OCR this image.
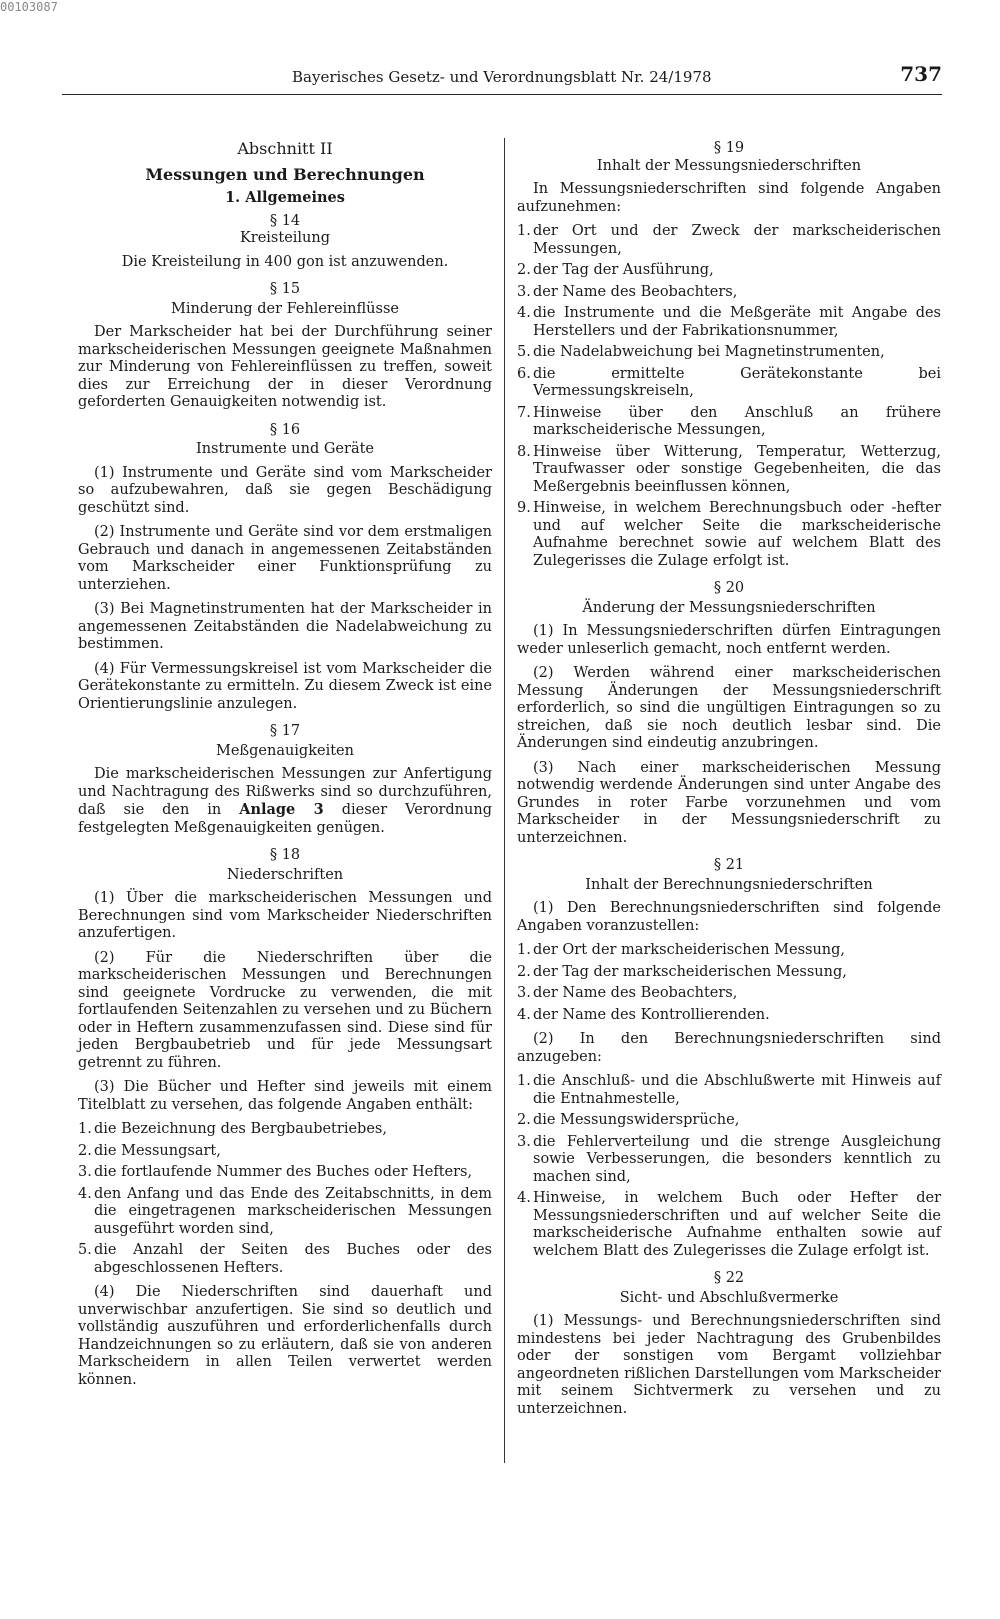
00103087
Bayerisches Gesetz- und Verordnungsblatt Nr. 24/1978	737
Abschnitt II
Messungen und Berechnungen
1. Allgemeines
§ 14
Kreisteilung

Die Kreisteilung in 400 gon ist anzuwenden.

§ 15
Minderung der Fehlereinflüsse

Der Markscheider hat bei der Durchführung seiner markscheiderischen Messungen geeignete Maßnahmen zur Minderung von Fehlereinflüssen zu treffen, soweit dies zur Erreichung der in dieser Verordnung geforderten Genauigkeiten notwendig ist.

§ 16
Instrumente und Geräte

(1) Instrumente und Geräte sind vom Markscheider so aufzubewahren, daß sie gegen Beschädigung geschützt sind.

(2) Instrumente und Geräte sind vor dem erstmaligen Gebrauch und danach in angemessenen Zeitabständen vom Markscheider einer Funktionsprüfung zu unterziehen.

(3) Bei Magnetinstrumenten hat der Markscheider in angemessenen Zeitabständen die Nadelabweichung zu bestimmen.

(4) Für Vermessungskreisel ist vom Markscheider die Gerätekonstante zu ermitteln. Zu diesem Zweck ist eine Orientierungslinie anzulegen.

§ 17
Meßgenauigkeiten

Die markscheiderischen Messungen zur Anfertigung und Nachtragung des Rißwerks sind so durchzuführen, daß sie den in Anlage 3 dieser Verordnung festgelegten Meßgenauigkeiten genügen.

§ 18
Niederschriften

(1) Über die markscheiderischen Messungen und Berechnungen sind vom Markscheider Niederschriften anzufertigen.

(2) Für die Niederschriften über die markscheiderischen Messungen und Berechnungen sind geeignete Vordrucke zu verwenden, die mit fortlaufenden Seitenzahlen zu versehen und zu Büchern oder in Heftern zusammenzufassen sind. Diese sind für jeden Bergbaubetrieb und für jede Messungsart getrennt zu führen.

(3) Die Bücher und Hefter sind jeweils mit einem Titelblatt zu versehen, das folgende Angaben enthält:

1. die Bezeichnung des Bergbaubetriebes,
2. die Messungsart,
3. die fortlaufende Nummer des Buches oder Hefters,
4. den Anfang und das Ende des Zeitabschnitts, in dem die eingetragenen markscheiderischen Messungen ausgeführt worden sind,
5. die Anzahl der Seiten des Buches oder des abgeschlossenen Hefters.

(4) Die Niederschriften sind dauerhaft und unverwischbar anzufertigen. Sie sind so deutlich und vollständig auszuführen und erforderlichenfalls durch Handzeichnungen so zu erläutern, daß sie von anderen Markscheidern in allen Teilen verwertet werden können.

§ 19
Inhalt der Messungsniederschriften

In Messungsniederschriften sind folgende Angaben aufzunehmen:

1. der Ort und der Zweck der markscheiderischen Messungen,
2. der Tag der Ausführung,
3. der Name des Beobachters,
4. die Instrumente und die Meßgeräte mit Angabe des Herstellers und der Fabrikationsnummer,
5. die Nadelabweichung bei Magnetinstrumenten,
6. die ermittelte Gerätekonstante bei Vermessungskreiseln,
7. Hinweise über den Anschluß an frühere markscheiderische Messungen,
8. Hinweise über Witterung, Temperatur, Wetterzug, Traufwasser oder sonstige Gegebenheiten, die das Meßergebnis beeinflussen können,
9. Hinweise, in welchem Berechnungsbuch oder -hefter und auf welcher Seite die markscheiderische Aufnahme berechnet sowie auf welchem Blatt des Zulegerisses die Zulage erfolgt ist.
§ 20
Änderung der Messungsniederschriften

(1) In Messungsniederschriften dürfen Eintragungen weder unleserlich gemacht, noch entfernt werden.

(2) Werden während einer markscheiderischen Messung Änderungen der Messungsniederschrift erforderlich, so sind die ungültigen Eintragungen so zu streichen, daß sie noch deutlich lesbar sind. Die Änderungen sind eindeutig anzubringen.

(3) Nach einer markscheiderischen Messung notwendig werdende Änderungen sind unter Angabe des Grundes in roter Farbe vorzunehmen und vom Markscheider in der Messungsniederschrift zu unterzeichnen.

§ 21
Inhalt der Berechnungsniederschriften

(1) Den Berechnungsniederschriften sind folgende Angaben voranzustellen:

1. der Ort der markscheiderischen Messung,
2. der Tag der markscheiderischen Messung,
3. der Name des Beobachters,
4. der Name des Kontrollierenden.

(2) In den Berechnungsniederschriften sind anzugeben:

1. die Anschluß- und die Abschlußwerte mit Hinweis auf die Entnahmestelle,
2. die Messungswidersprüche,
3. die Fehlerverteilung und die strenge Ausgleichung sowie Verbesserungen, die besonders kenntlich zu machen sind,
4. Hinweise, in welchem Buch oder Hefter der Messungsniederschriften und auf welcher Seite die markscheiderische Aufnahme enthalten sowie auf welchem Blatt des Zulegerisses die Zulage erfolgt ist.
§ 22
Sicht- und Abschlußvermerke

(1) Messungs- und Berechnungsniederschriften sind mindestens bei jeder Nachtragung des Grubenbildes oder der sonstigen vom Bergamt vollziehbar angeordneten rißlichen Darstellungen vom Markscheider mit seinem Sichtvermerk zu versehen und zu unterzeichnen.
